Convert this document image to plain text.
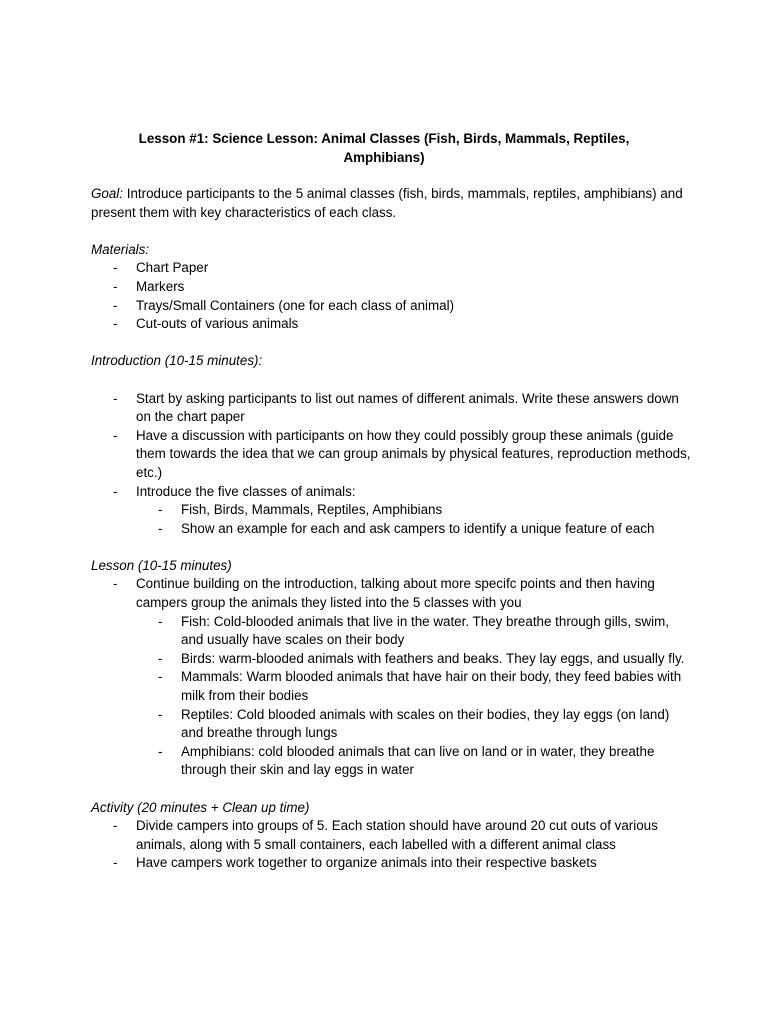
Lesson #1: Science Lesson: Animal Classes (Fish, Birds, Mammals, Reptiles, Amphibians)

Goal: Introduce participants to the 5 animal classes (fish, birds, mammals, reptiles, amphibians) and present them with key characteristics of each class.

Materials:

- Chart Paper
- Markers
- Trays/Small Containers (one for each class of animal)
- Cut-outs of various animals

Introduction (10-15 minutes):

- Start by asking participants to list out names of different animals. Write these answers down on the chart paper
- Have a discussion with participants on how they could possibly group these animals (guide them towards the idea that we can group animals by physical features, reproduction methods, etc.)
- Introduce the five classes of animals:
- Fish, Birds, Mammals, Reptiles, Amphibians
- Show an example for each and ask campers to identify a unique feature of each

Lesson (10-15 minutes)

- Continue building on the introduction, talking about more specifc points and then having campers group the animals they listed into the 5 classes with you
- Fish: Cold-blooded animals that live in the water. They breathe through gills, swim, and usually have scales on their body
- Birds: warm-blooded animals with feathers and beaks. They lay eggs, and usually fly.
- Mammals: Warm blooded animals that have hair on their body, they feed babies with milk from their bodies
- Reptiles: Cold blooded animals with scales on their bodies, they lay eggs (on land) and breathe through lungs
- Amphibians: cold blooded animals that can live on land or in water, they breathe through their skin and lay eggs in water

Activity (20 minutes + Clean up time)

- Divide campers into groups of 5. Each station should have around 20 cut outs of various animals, along with 5 small containers, each labelled with a different animal class
- Have campers work together to organize animals into their respective baskets
